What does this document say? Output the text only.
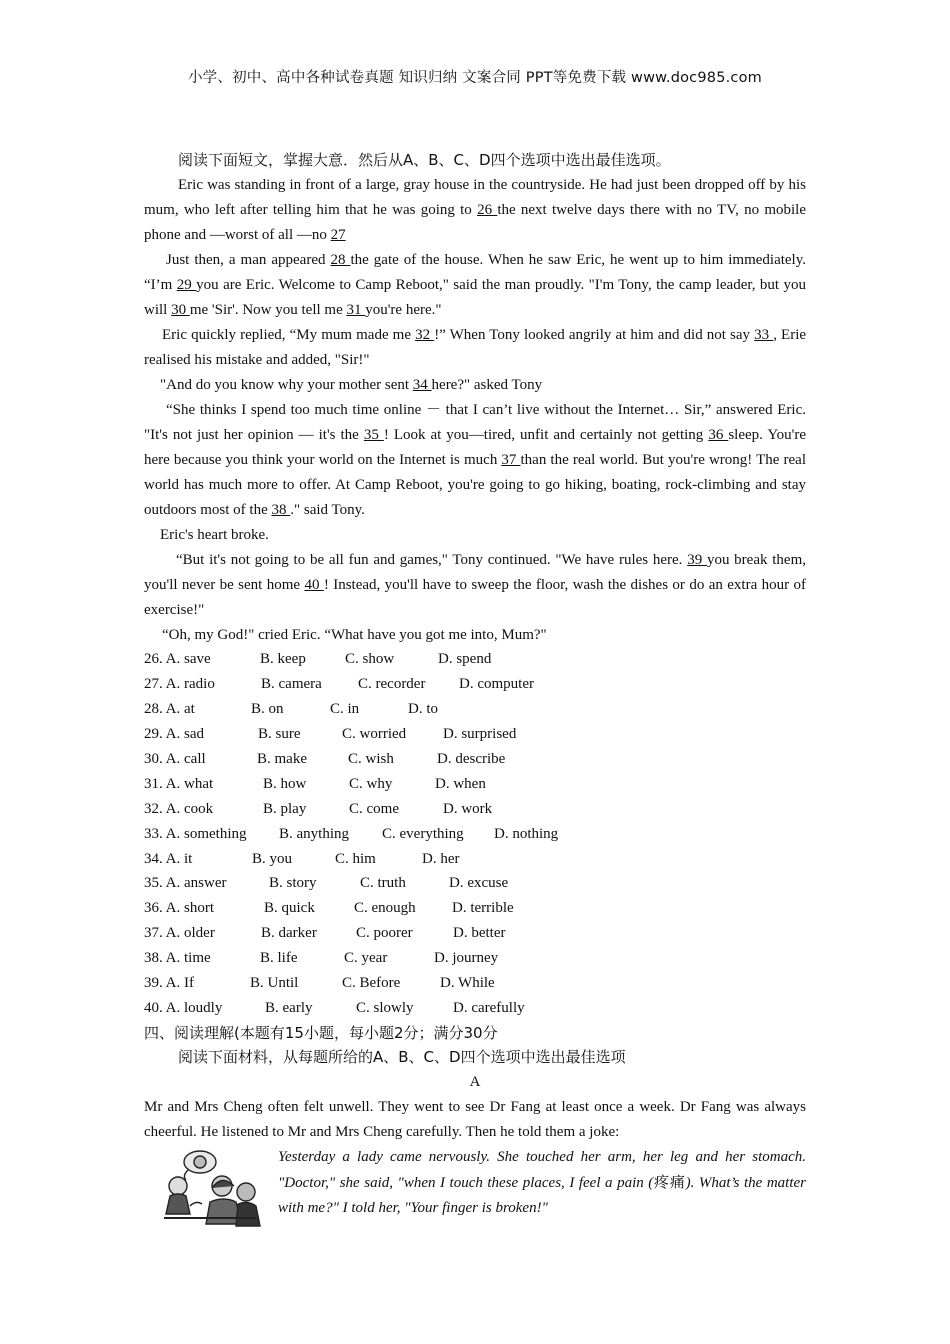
小学、初中、高中各种试卷真题 知识归纳 文案合同 PPT等免费下载 www.doc985.com
阅读下面短文，掌握大意．然后从A、B、C、D四个选项中选出最佳选项。
Eric was standing in front of a large, gray house in the countryside. He had just been dropped off by his mum, who left after telling him that he was going to 26 the next twelve days there with no TV, no mobile phone and —worst of all —no 27
Just then, a man appeared 28 the gate of the house. When he saw Eric, he went up to him immediately. “I’m 29 you are Eric. Welcome to Camp Reboot," said the man proudly. "I'm Tony, the camp leader, but you will 30 me 'Sir'. Now you tell me 31 you're here."
Eric quickly replied, “My mum made me 32 !” When Tony looked angrily at him and did not say 33 , Erie realised his mistake and added, "Sir!"
"And do you know why your mother sent 34 here?" asked Tony
“She thinks I spend too much time online － that I can’t live without the Internet… Sir,” answered Eric. "It's not just her opinion — it's the 35 ! Look at you—tired, unfit and certainly not getting 36 sleep. You're here because you think your world on the Internet is much 37 than the real world. But you're wrong! The real world has much more to offer. At Camp Reboot, you're going to go hiking, boating, rock-climbing and stay outdoors most of the 38 ." said Tony.
Eric's heart broke.
“But it's not going to be all fun and games," Tony continued. "We have rules here. 39 you break them, you'll never be sent home 40 ! Instead, you'll have to sweep the floor, wash the dishes or do an extra hour of exercise!"
“Oh, my God!" cried Eric. “What have you got me into, Mum?"

26. A. save	B. keep	C. show	D. spend

27. A. radio	B. camera C. recorder D. computer

28. A. at	B. on	C. in	D. to

29. A. sad	B. sure	C. worried D. surprised

30. A. call	B. make	C. wish	D. describe

31. A. what	B. how	C. why	D. when

32. A. cook	B. play	C. come	D. work

33. A. something B. anything C. everything D. nothing

34. A. it	B. you	C. him	D. her

35. A. answer	B. story	C. truth	D. excuse

36. A. short	B. quick	C. enough D. terrible

37. A. older	B. darker	C. poorer	D. better

38. A. time	B. life	C. year	D. journey

39. A. If	B. Until	C. Before	D. While

40. A. loudly	B. early	C. slowly	D. carefully

四、阅读理解(本题有15小题，每小题2分；满分30分
阅读下面材料，从每题所给的A、B、C、D四个选项中选出最佳选项
A
Mr and Mrs Cheng often felt unwell. They went to see Dr Fang at least once a week. Dr Fang was always cheerful. He listened to Mr and Mrs Cheng carefully. Then he told them a joke:
Yesterday a lady came nervously. She touched her arm, her leg and her stomach. "Doctor," she said, "when I touch these places, I feel a pain (疼痛). What’s the matter with me?" I told her, "Your finger is broken!"
